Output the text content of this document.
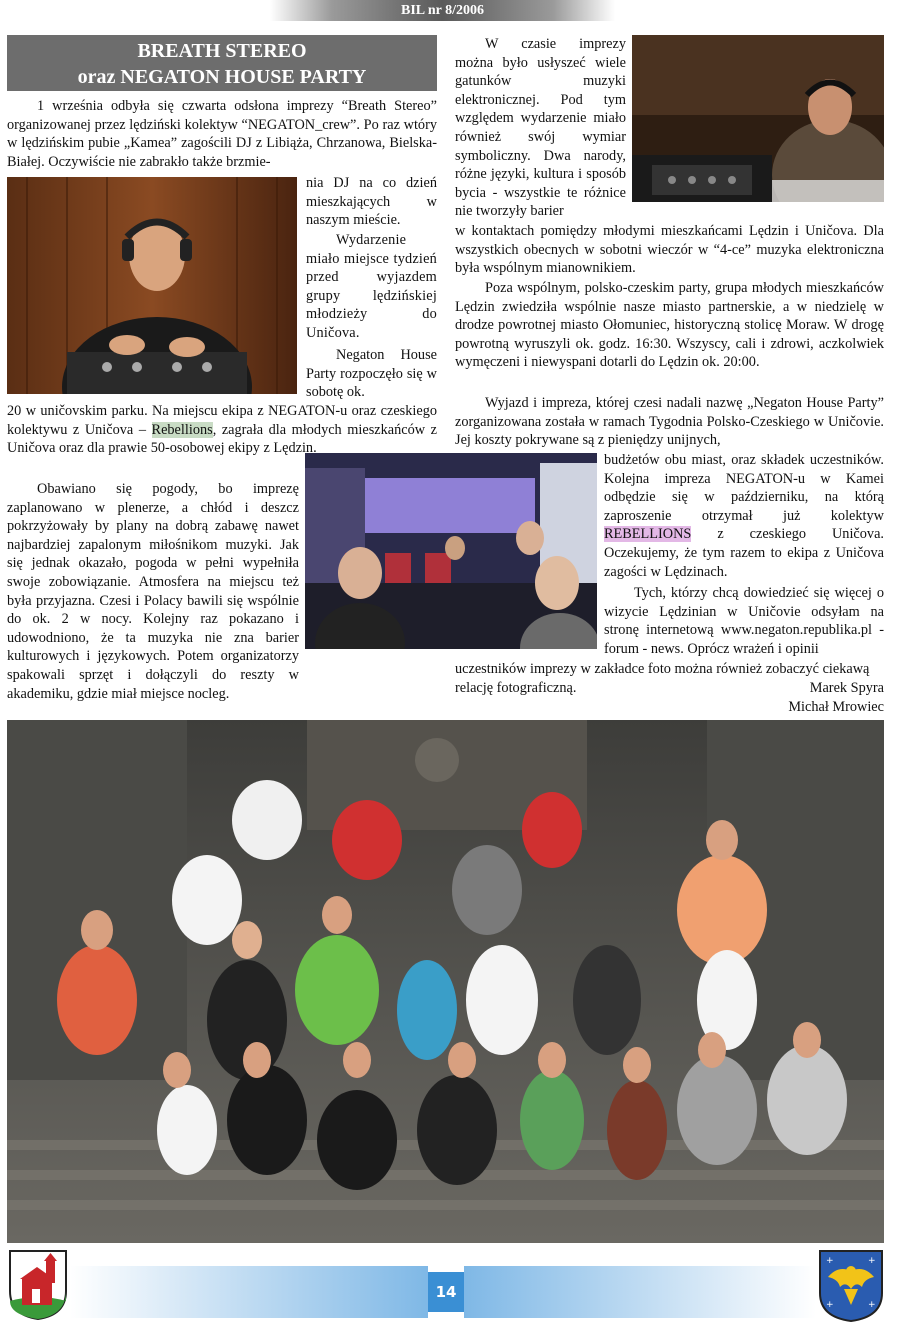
BIL nr 8/2006
BREATH STEREO
oraz NEGATON HOUSE PARTY

1 września odbyła się czwarta odsłona imprezy “Breath Stereo” organizowanej przez lędziński kolektyw “NEGATON_crew”. Po raz wtóry w lędzińskim pubie „Kamea” zagościli DJ z Libiąża, Chrzanowa, Bielska-Białej. Oczywiście nie zabrakło także brzmie-

nia DJ na co dzień mieszkających w naszym mieście.

Wydarzenie miało miejsce tydzień przed wyjazdem grupy lędzińskiej młodzieży do Uničova.

Negaton House Party rozpoczęło się w sobotę ok.

20 w uničovskim parku. Na miejscu ekipa z NEGATON-u oraz czeskiego kolektywu z Uničova – Rebellions, zagrała dla młodych mieszkańców z Uničova oraz dla prawie 50-osobowej ekipy z Lędzin.

Obawiano się pogody, bo imprezę zaplanowano w plenerze, a chłód i deszcz pokrzyżowały by plany na dobrą zabawę nawet najbardziej zapalonym miłośnikom muzyki. Jak się jednak okazało, pogoda w pełni wypełniła swoje zobowiązanie. Atmosfera na miejscu też była przyjazna. Czesi i Polacy bawili się wspólnie do ok. 2 w nocy. Kolejny raz pokazano i udowodniono, że ta muzyka nie zna barier kulturowych i językowych. Potem organizatorzy spakowali sprzęt i dołączyli do reszty w akademiku, gdzie miał miejsce nocleg.

W czasie imprezy można było usłyszeć wiele gatunków muzyki elektronicznej. Pod tym względem wydarzenie miało również swój wymiar symboliczny. Dwa narody, różne języki, kultura i sposób bycia - wszystkie te różnice nie tworzyły barier

w kontaktach pomiędzy młodymi mieszkańcami Lędzin i Uničova. Dla wszystkich obecnych w sobotni wieczór w “4-ce” muzyka elektroniczna była wspólnym mianownikiem.

Poza wspólnym, polsko-czeskim party, grupa młodych mieszkańców Lędzin zwiedziła wspólnie nasze miasto partnerskie, a w niedzielę w drodze powrotnej miasto Ołomuniec, historyczną stolicę Moraw. W drogę powrotną wyruszyli ok. godz. 16:30. Wszyscy, cali i zdrowi, aczkolwiek wymęczeni i niewyspani dotarli do Lędzin ok. 20:00.

Wyjazd i impreza, której czesi nadali nazwę „Negaton House Party” zorganizowana została w ramach Tygodnia Polsko-Czeskiego w Uničovie. Jej koszty pokrywane są z pieniędzy unijnych,

budżetów obu miast, oraz składek uczestników. Kolejna impreza NEGATON-u w Kamei odbędzie się w październiku, na którą zaproszenie otrzymał już kolektyw REBELLIONS z czeskiego Uničova. Oczekujemy, że tym razem to ekipa z Uničova zagości w Lędzinach.

Tych, którzy chcą dowiedzieć się więcej o wizycie Lędzinian w Uničovie odsyłam na stronę internetową www.negaton.republika.pl - forum - news. Oprócz wrażeń i opinii

uczestników imprezy w zakładce foto można również zobaczyć ciekawą relację fotograficzną.	Marek Spyra
Michał Mrowiec
14
+	+
+	+
